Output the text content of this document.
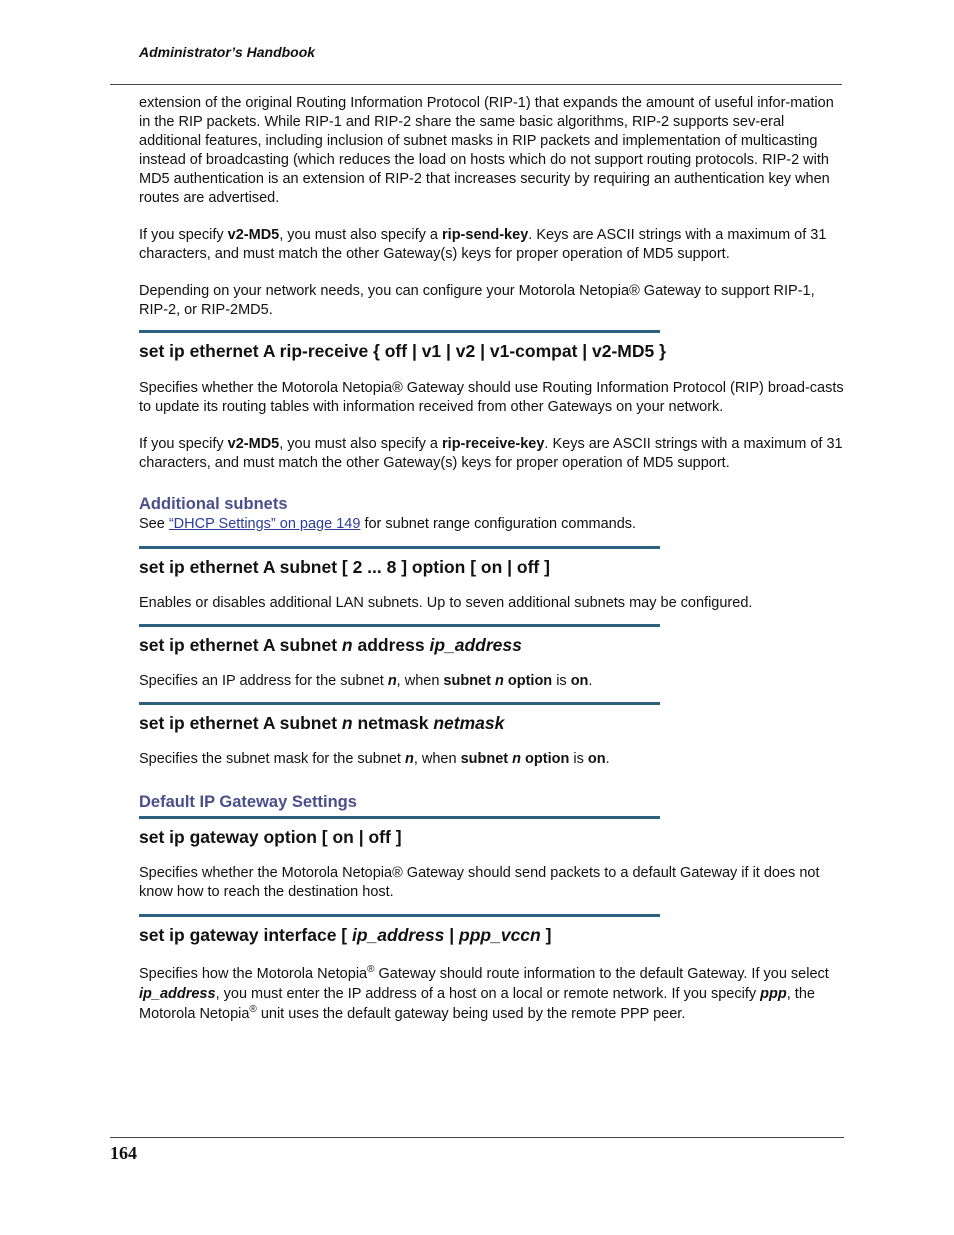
Administrator’s Handbook

extension of the original Routing Information Protocol (RIP-1) that expands the amount of useful infor-mation in the RIP packets. While RIP-1 and RIP-2 share the same basic algorithms, RIP-2 supports sev-eral additional features, including inclusion of subnet masks in RIP packets and implementation of multicasting instead of broadcasting (which reduces the load on hosts which do not support routing protocols. RIP-2 with MD5 authentication is an extension of RIP-2 that increases security by requiring an authentication key when routes are advertised.

If you specify v2-MD5, you must also specify a rip-send-key. Keys are ASCII strings with a maximum of 31 characters, and must match the other Gateway(s) keys for proper operation of MD5 support.

Depending on your network needs, you can configure your Motorola Netopia® Gateway to support RIP-1, RIP-2, or RIP-2MD5.

set ip ethernet A rip-receive { off | v1 | v2 | v1-compat | v2-MD5 }

Specifies whether the Motorola Netopia® Gateway should use Routing Information Protocol (RIP) broad-casts to update its routing tables with information received from other Gateways on your network.

If you specify v2-MD5, you must also specify a rip-receive-key. Keys are ASCII strings with a maximum of 31 characters, and must match the other Gateway(s) keys for proper operation of MD5 support.

Additional subnets

See “DHCP Settings” on page 149 for subnet range configuration commands.

set ip ethernet A subnet [ 2 ... 8 ] option [ on | off ]

Enables or disables additional LAN subnets. Up to seven additional subnets may be configured.

set ip ethernet A subnet n address ip_address

Specifies an IP address for the subnet n, when subnet n option is on.

set ip ethernet A subnet n netmask netmask

Specifies the subnet mask for the subnet n, when subnet n option is on.

Default IP Gateway Settings
set ip gateway option [ on | off ]

Specifies whether the Motorola Netopia® Gateway should send packets to a default Gateway if it does not know how to reach the destination host.

set ip gateway interface [ ip_address | ppp_vccn ]

Specifies how the Motorola Netopia® Gateway should route information to the default Gateway. If you select ip_address, you must enter the IP address of a host on a local or remote network. If you specify ppp, the Motorola Netopia® unit uses the default gateway being used by the remote PPP peer.

164
